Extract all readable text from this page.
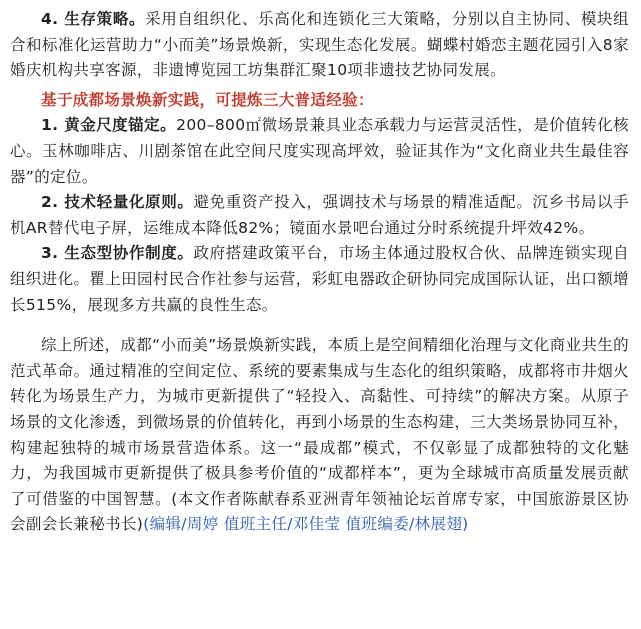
4. 生存策略。采用自组织化、乐高化和连锁化三大策略，分别以自主协同、模块组合和标准化运营助力“小而美”场景焕新，实现生态化发展。蝴蝶村婚恋主题花园引入8家婚庆机构共享客源，非遗博览园工坊集群汇聚10项非遗技艺协同发展。

基于成都场景焕新实践，可提炼三大普适经验：

1. 黄金尺度锚定。200–800㎡微场景兼具业态承载力与运营灵活性，是价值转化核心。玉林咖啡店、川剧茶馆在此空间尺度实现高坪效，验证其作为“文化商业共生最佳容器”的定位。

2. 技术轻量化原则。避免重资产投入，强调技术与场景的精准适配。沉乡书局以手机AR替代电子屏，运维成本降低82%；镜面水景吧台通过分时系统提升坪效42%。

3. 生态型协作制度。政府搭建政策平台，市场主体通过股权合伙、品牌连锁实现自组织进化。瞿上田园村民合作社参与运营，彩虹电器政企研协同完成国际认证，出口额增长515%，展现多方共赢的良性生态。

综上所述，成都“小而美”场景焕新实践，本质上是空间精细化治理与文化商业共生的范式革命。通过精准的空间定位、系统的要素集成与生态化的组织策略，成都将市井烟火转化为场景生产力，为城市更新提供了“轻投入、高黏性、可持续”的解决方案。从原子场景的文化渗透，到微场景的价值转化，再到小场景的生态构建，三大类场景协同互补，构建起独特的城市场景营造体系。这一“最成都”模式，不仅彰显了成都独特的文化魅力，为我国城市更新提供了极具参考价值的“成都样本”，更为全球城市高质量发展贡献了可借鉴的中国智慧。(本文作者陈献春系亚洲青年领袖论坛首席专家，中国旅游景区协会副会长兼秘书长)(编辑/周婷 值班主任/邓佳莹 值班编委/林展翅)
